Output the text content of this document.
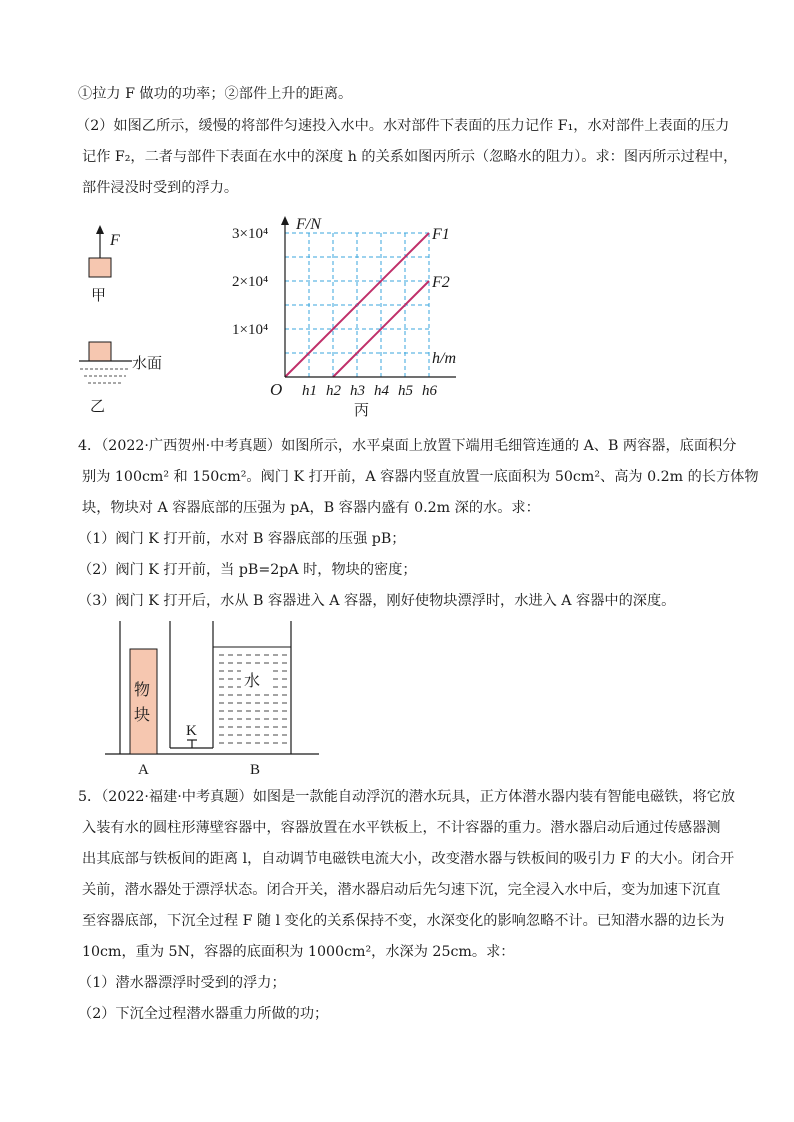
①拉力 F 做功的功率；②部件上升的距离。
（2）如图乙所示，缓慢的将部件匀速投入水中。水对部件下表面的压力记作 F₁，水对部件上表面的压力
记作 F₂，二者与部件下表面在水中的深度 h 的关系如图丙所示（忽略水的阻力）。求：图丙所示过程中，
部件浸没时受到的浮力。
F
甲
水面
乙
F1
F2
F/N
h/m
O h1 h2 h3 h4 h5 h6
1×10⁴
2×10⁴
3×10⁴
丙
4．（2022·广西贺州·中考真题）如图所示，水平桌面上放置下端用毛细管连通的 A、B 两容器，底面积分
别为 100cm² 和 150cm²。阀门 K 打开前，A 容器内竖直放置一底面积为 50cm²、高为 0.2m 的长方体物
块，物块对 A 容器底部的压强为 pA，B 容器内盛有 0.2m 深的水。求：
（1）阀门 K 打开前，水对 B 容器底部的压强 pB；
（2）阀门 K 打开前，当 pB=2pA 时，物块的密度；
（3）阀门 K 打开后，水从 B 容器进入 A 容器，刚好使物块漂浮时，水进入 A 容器中的深度。
物
块
水
K
A	B
5．（2022·福建·中考真题）如图是一款能自动浮沉的潜水玩具，正方体潜水器内装有智能电磁铁，将它放
入装有水的圆柱形薄壁容器中，容器放置在水平铁板上，不计容器的重力。潜水器启动后通过传感器测
出其底部与铁板间的距离 l，自动调节电磁铁电流大小，改变潜水器与铁板间的吸引力 F 的大小。闭合开
关前，潜水器处于漂浮状态。闭合开关，潜水器启动后先匀速下沉，完全浸入水中后，变为加速下沉直
至容器底部，下沉全过程 F 随 l 变化的关系保持不变，水深变化的影响忽略不计。已知潜水器的边长为
10cm，重为 5N，容器的底面积为 1000cm²，水深为 25cm。求：
（1）潜水器漂浮时受到的浮力；
（2）下沉全过程潜水器重力所做的功；
